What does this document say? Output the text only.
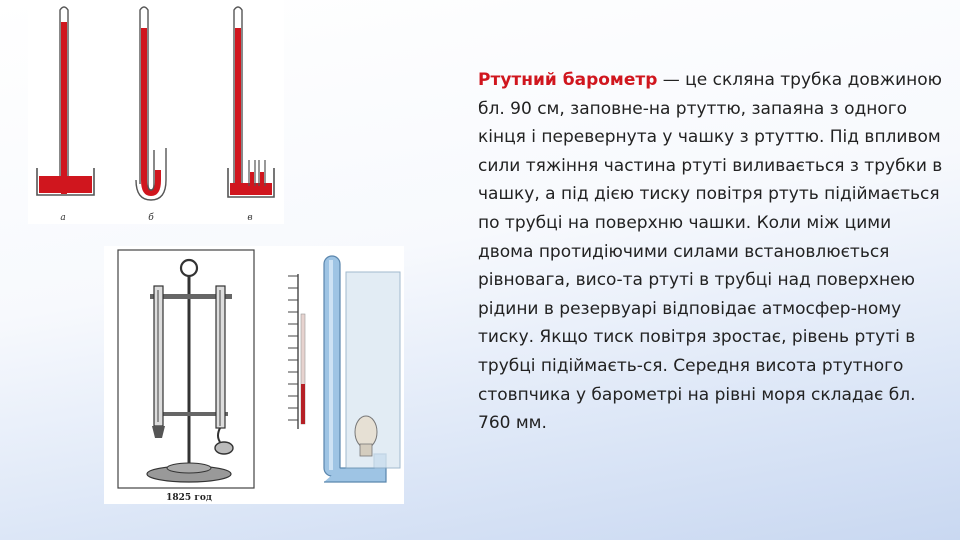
а	б	в
1825 год

Ртутний барометр — це скляна трубка довжиною бл. 90 см, заповне-на ртуттю, запаяна з одного кінця і перевернута у чашку з ртуттю. Під впливом сили тяжіння частина ртуті виливається з трубки в чашку, а під дією тиску повітря ртуть підіймається по трубці на поверхню чашки. Коли між цими двома протидіючими силами встановлюється рівновага, висо-та ртуті в трубці над поверхнею рідини в резервуарі відповідає атмосфер-ному тиску. Якщо тиск повітря зростає, рівень ртуті в трубці підіймаєть-ся. Середня висота ртутного стовпчика у барометрі на рівні моря складає бл. 760 мм.
